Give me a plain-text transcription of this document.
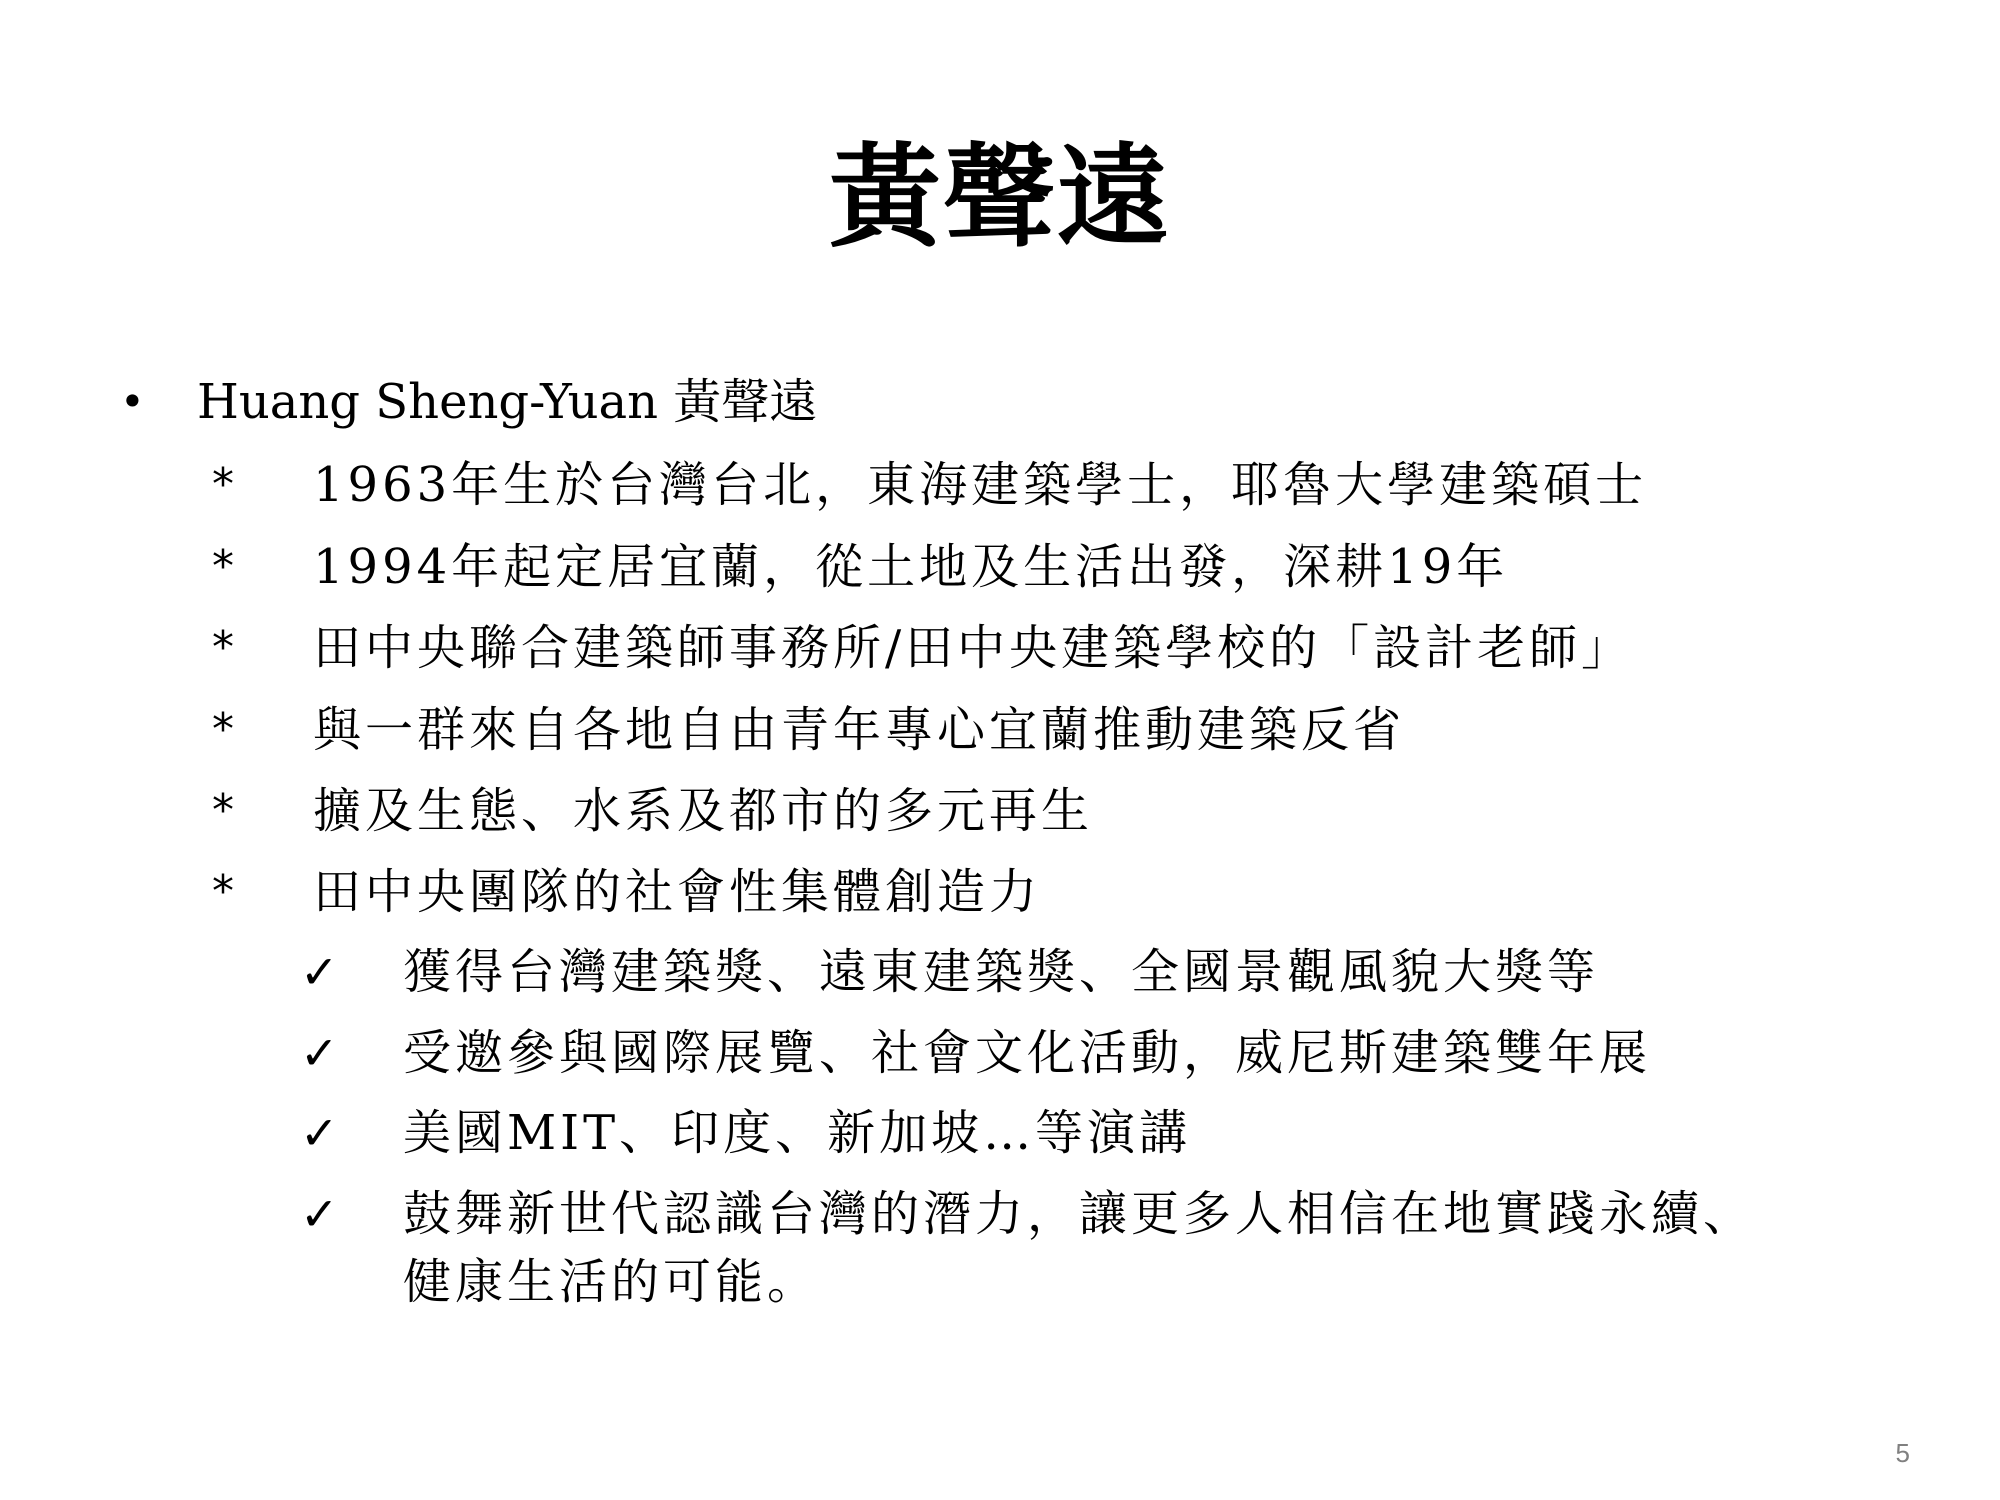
黃聲遠
• Huang Sheng-Yuan 黃聲遠
* 1963年生於台灣台北，東海建築學士，耶魯大學建築碩士
* 1994年起定居宜蘭，從土地及生活出發，深耕19年
* 田中央聯合建築師事務所/田中央建築學校的「設計老師」
* 與一群來自各地自由青年專心宜蘭推動建築反省
* 擴及生態、水系及都市的多元再生
* 田中央團隊的社會性集體創造力
✓ 獲得台灣建築獎、遠東建築獎、全國景觀風貌大獎等
✓ 受邀參與國際展覽、社會文化活動，威尼斯建築雙年展
✓ 美國MIT、印度、新加坡…等演講
✓ 鼓舞新世代認識台灣的潛力，讓更多人相信在地實踐永續、
健康生活的可能。
5
